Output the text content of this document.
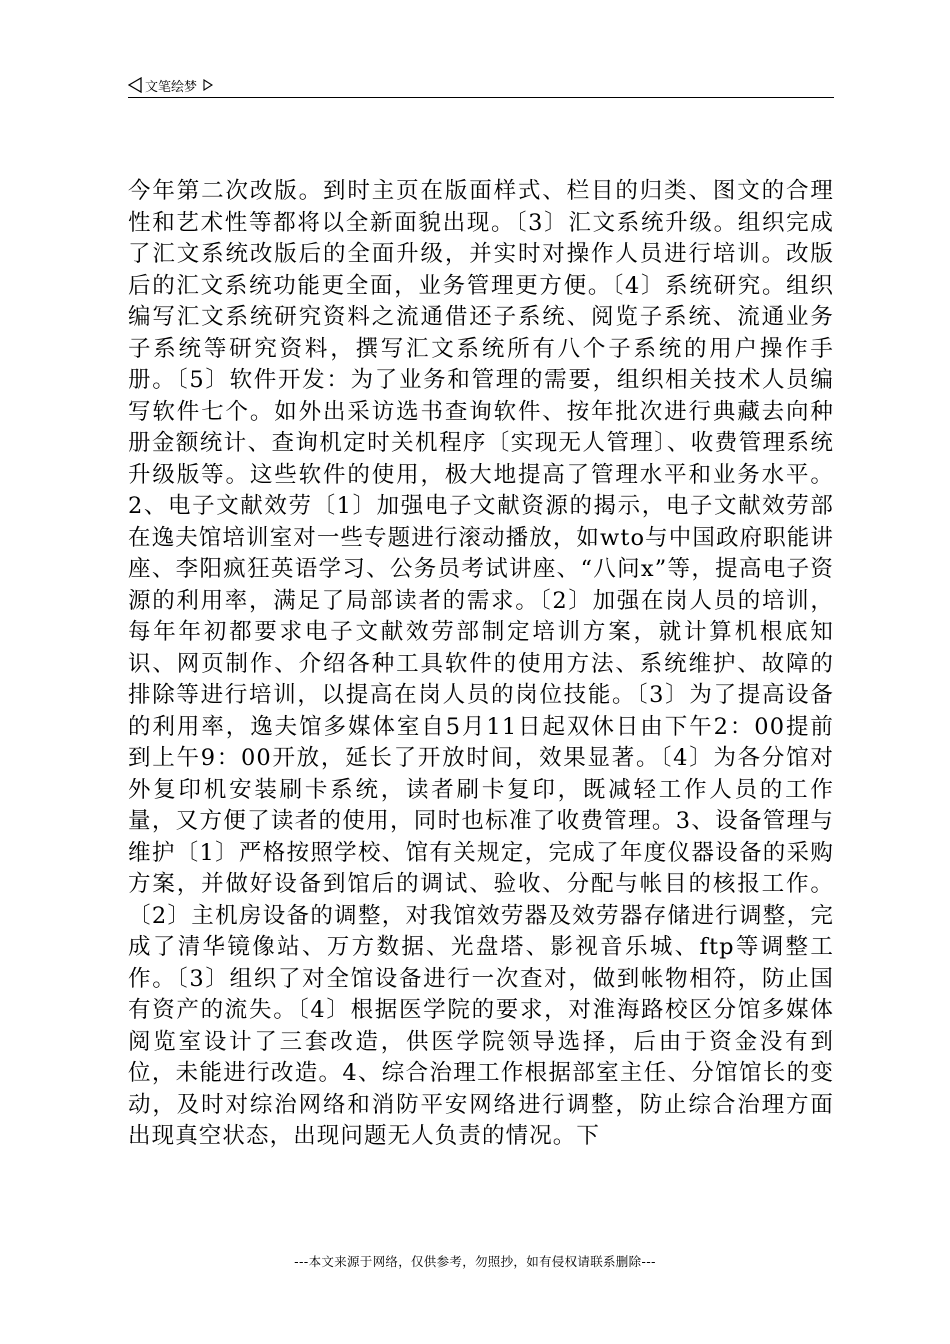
文笔绘梦

今年第二次改版。到时主页在版面样式、栏目的归类、图文的合理性和艺术性等都将以全新面貌出现。〔3〕汇文系统升级。组织完成了汇文系统改版后的全面升级，并实时对操作人员进行培训。改版后的汇文系统功能更全面，业务管理更方便。〔4〕系统研究。组织编写汇文系统研究资料之流通借还子系统、阅览子系统、流通业务子系统等研究资料，撰写汇文系统所有八个子系统的用户操作手册。〔5〕软件开发：为了业务和管理的需要，组织相关技术人员编写软件七个。如外出采访选书查询软件、按年批次进行典藏去向种册金额统计、查询机定时关机程序〔实现无人管理〕、收费管理系统升级版等。这些软件的使用，极大地提高了管理水平和业务水平。2、电子文献效劳〔1〕加强电子文献资源的揭示，电子文献效劳部在逸夫馆培训室对一些专题进行滚动播放，如wto与中国政府职能讲座、李阳疯狂英语学习、公务员考试讲座、“八问x”等，提高电子资源的利用率，满足了局部读者的需求。〔2〕加强在岗人员的培训，每年年初都要求电子文献效劳部制定培训方案，就计算机根底知识、网页制作、介绍各种工具软件的使用方法、系统维护、故障的排除等进行培训，以提高在岗人员的岗位技能。〔3〕为了提高设备的利用率，逸夫馆多媒体室自5月11日起双休日由下午2：00提前到上午9：00开放，延长了开放时间，效果显著。〔4〕为各分馆对外复印机安装刷卡系统，读者刷卡复印，既减轻工作人员的工作量，又方便了读者的使用，同时也标准了收费管理。3、设备管理与维护〔1〕严格按照学校、馆有关规定，完成了年度仪器设备的采购方案，并做好设备到馆后的调试、验收、分配与帐目的核报工作。〔2〕主机房设备的调整，对我馆效劳器及效劳器存储进行调整，完成了清华镜像站、万方数据、光盘塔、影视音乐城、ftp等调整工作。〔3〕组织了对全馆设备进行一次查对，做到帐物相符，防止国有资产的流失。〔4〕根据医学院的要求，对淮海路校区分馆多媒体阅览室设计了三套改造，供医学院领导选择，后由于资金没有到位，未能进行改造。4、综合治理工作根据部室主任、分馆馆长的变动，及时对综治网络和消防平安网络进行调整，防止综合治理方面出现真空状态，出现问题无人负责的情况。下

---本文来源于网络，仅供参考，勿照抄，如有侵权请联系删除---
